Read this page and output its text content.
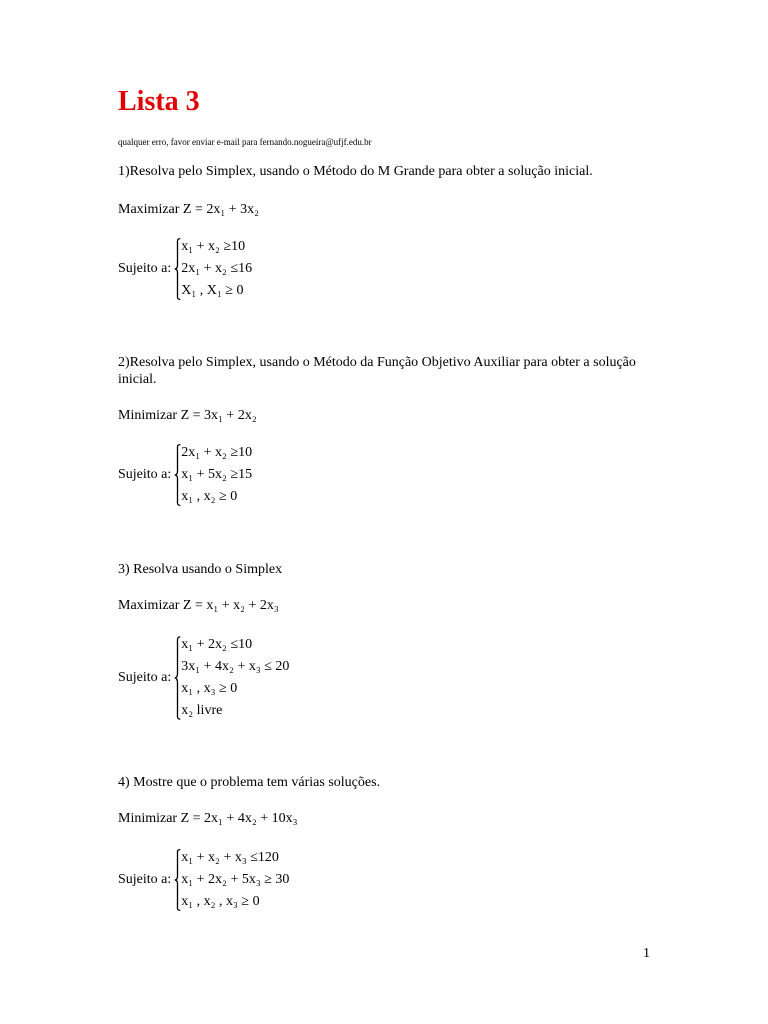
Lista 3
qualquer erro, favor enviar e-mail para fernando.nogueira@ufjf.edu.br
1)Resolva pelo Simplex, usando o Método do M Grande para obter a solução inicial.
Maximizar Z = 2x₁ + 3x₂
Sujeito a:
x₁ + x₂ ≥10
2x₁ + x₂ ≤16
X₁ , X₁ ≥ 0
2)Resolva pelo Simplex, usando o Método da Função Objetivo Auxiliar para obter a solução
inicial.
Minimizar Z = 3x₁ + 2x₂
Sujeito a:
2x₁ + x₂ ≥10
x₁ + 5x₂ ≥15
x₁ , x₂ ≥ 0
3) Resolva usando o Simplex
Maximizar Z = x₁ + x₂ + 2x₃
Sujeito a:
x₁ + 2x₂ ≤10
3x₁ + 4x₂ + x₃ ≤ 20
x₁ , x₃ ≥ 0
x₂ livre
4) Mostre que o problema tem várias soluções.
Minimizar Z = 2x₁ + 4x₂ + 10x₃
Sujeito a:
x₁ + x₂ + x₃ ≤120
x₁ + 2x₂ + 5x₃ ≥ 30
x₁ , x₂ , x₃ ≥ 0
1
